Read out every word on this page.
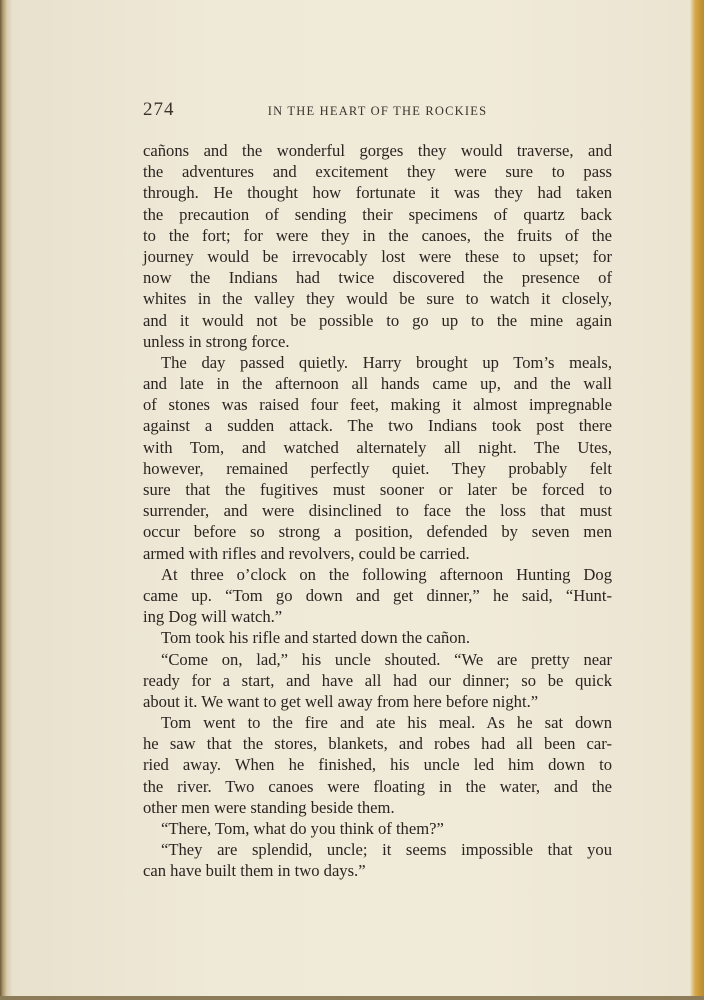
274	IN THE HEART OF THE ROCKIES
cañons and the wonderful gorges they would traverse, and
the adventures and excitement they were sure to pass
through. He thought how fortunate it was they had taken
the precaution of sending their specimens of quartz back
to the fort; for were they in the canoes, the fruits of the
journey would be irrevocably lost were these to upset; for
now the Indians had twice discovered the presence of
whites in the valley they would be sure to watch it closely,
and it would not be possible to go up to the mine again
unless in strong force.
The day passed quietly. Harry brought up Tom’s meals,
and late in the afternoon all hands came up, and the wall
of stones was raised four feet, making it almost impregnable
against a sudden attack. The two Indians took post there
with Tom, and watched alternately all night. The Utes,
however, remained perfectly quiet. They probably felt
sure that the fugitives must sooner or later be forced to
surrender, and were disinclined to face the loss that must
occur before so strong a position, defended by seven men
armed with rifles and revolvers, could be carried.
At three o’clock on the following afternoon Hunting Dog
came up. “Tom go down and get dinner,” he said, “Hunt-
ing Dog will watch.”
Tom took his rifle and started down the cañon.
“Come on, lad,” his uncle shouted. “We are pretty near
ready for a start, and have all had our dinner; so be quick
about it. We want to get well away from here before night.”
Tom went to the fire and ate his meal. As he sat down
he saw that the stores, blankets, and robes had all been car-
ried away. When he finished, his uncle led him down to
the river. Two canoes were floating in the water, and the
other men were standing beside them.
“There, Tom, what do you think of them?”
“They are splendid, uncle; it seems impossible that you
can have built them in two days.”
